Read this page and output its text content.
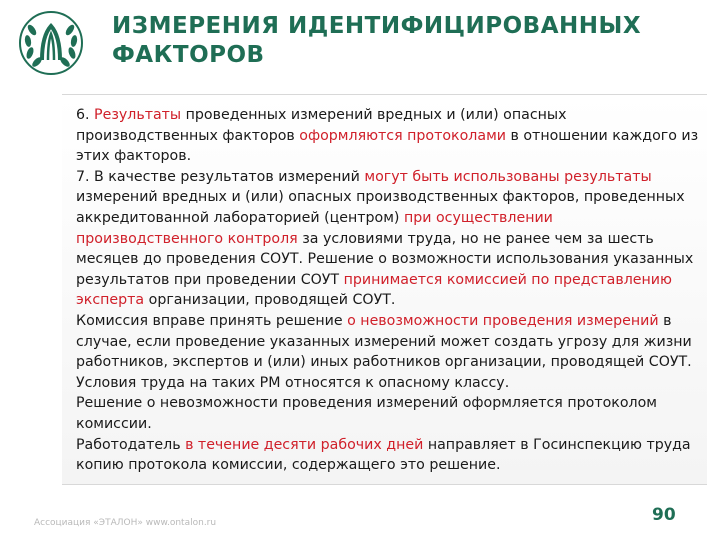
ИЗМЕРЕНИЯ ИДЕНТИФИЦИРОВАННЫХ
ФАКТОРОВ

6. Результаты проведенных измерений вредных и (или) опасных производственных факторов оформляются протоколами в отношении каждого из этих факторов.

7. В качестве результатов измерений могут быть использованы результаты измерений вредных и (или) опасных производственных факторов, проведенных аккредитованной лабораторией (центром) при осуществлении производственного контроля за условиями труда, но не ранее чем за шесть месяцев до проведения СОУТ. Решение о возможности использования указанных результатов при проведении СОУТ принимается комиссией по представлению эксперта организации, проводящей СОУТ.

Комиссия вправе принять решение о невозможности проведения измерений в случае, если проведение указанных измерений может создать угрозу для жизни работников, экспертов и (или) иных работников организации, проводящей СОУТ. Условия труда на таких РМ относятся к опасному классу.

Решение о невозможности проведения измерений оформляется протоколом комиссии.

Работодатель в течение десяти рабочих дней направляет в Госинспекцию труда копию протокола комиссии, содержащего это решение.

Ассоциация «ЭТАЛОН» www.ontalon.ru	90
